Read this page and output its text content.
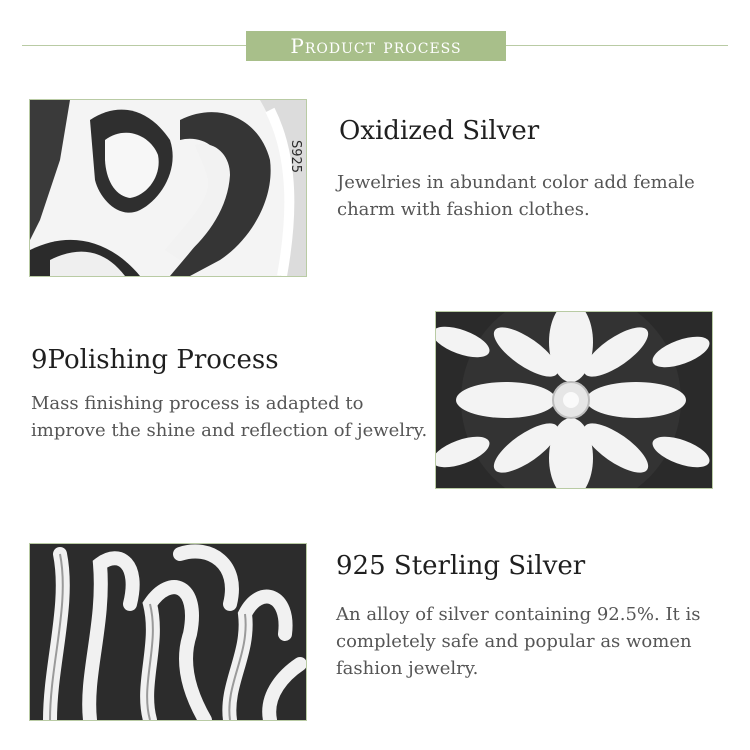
Product process
S925
Oxidized Silver
Jewelries in abundant color add female charm with fashion clothes.
9Polishing Process
Mass finishing process is adapted to improve the shine and reflection of jewelry.
925 Sterling Silver
An alloy of silver containing 92.5%. It is completely safe and popular as women fashion jewelry.
